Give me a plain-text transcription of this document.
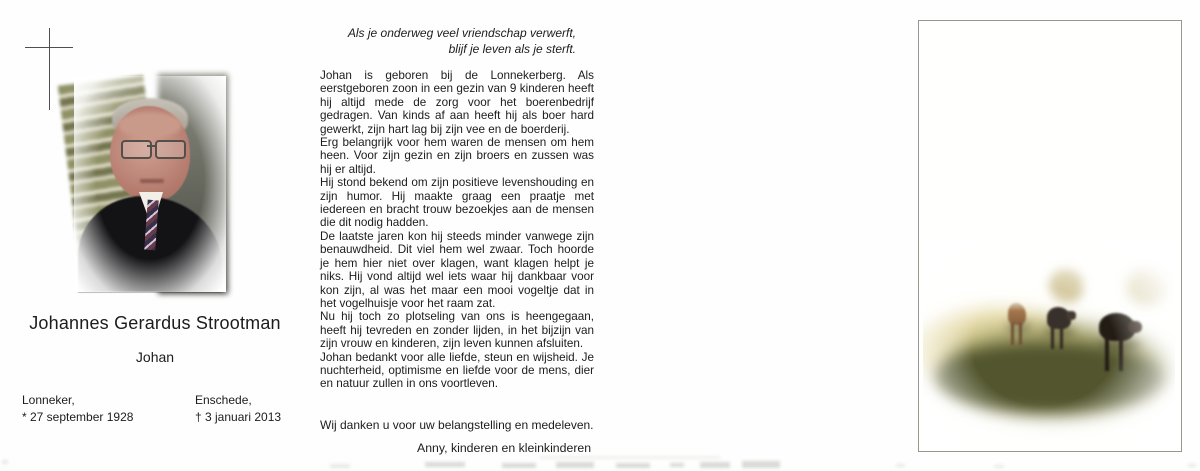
Johannes Gerardus Strootman
Johan
Lonneker,
* 27 september 1928
Enschede,
† 3 januari 2013
Als je onderweg veel vriendschap verwerft,
blijf je leven als je sterft.

Johan is geboren bij de Lonnekerberg. Als eerstgeboren zoon in een gezin van 9 kinderen heeft hij altijd mede de zorg voor het boerenbedrijf gedragen. Van kinds af aan heeft hij als boer hard gewerkt, zijn hart lag bij zijn vee en de boerderij.

Erg belangrijk voor hem waren de mensen om hem heen. Voor zijn gezin en zijn broers en zussen was hij er altijd.

Hij stond bekend om zijn positieve levenshouding en zijn humor. Hij maakte graag een praatje met iedereen en bracht trouw bezoekjes aan de mensen die dit nodig hadden.

De laatste jaren kon hij steeds minder vanwege zijn benauwdheid. Dit viel hem wel zwaar. Toch hoorde je hem hier niet over klagen, want klagen helpt je niks. Hij vond altijd wel iets waar hij dankbaar voor kon zijn, al was het maar een mooi vogeltje dat in het vogelhuisje voor het raam zat.

Nu hij toch zo plotseling van ons is heengegaan, heeft hij tevreden en zonder lijden, in het bijzijn van zijn vrouw en kinderen, zijn leven kunnen afsluiten.

Johan bedankt voor alle liefde, steun en wijsheid. Je nuchterheid, optimisme en liefde voor de mens, dier en natuur zullen in ons voortleven.

Wij danken u voor uw belangstelling en medeleven.

Anny, kinderen en kleinkinderen
